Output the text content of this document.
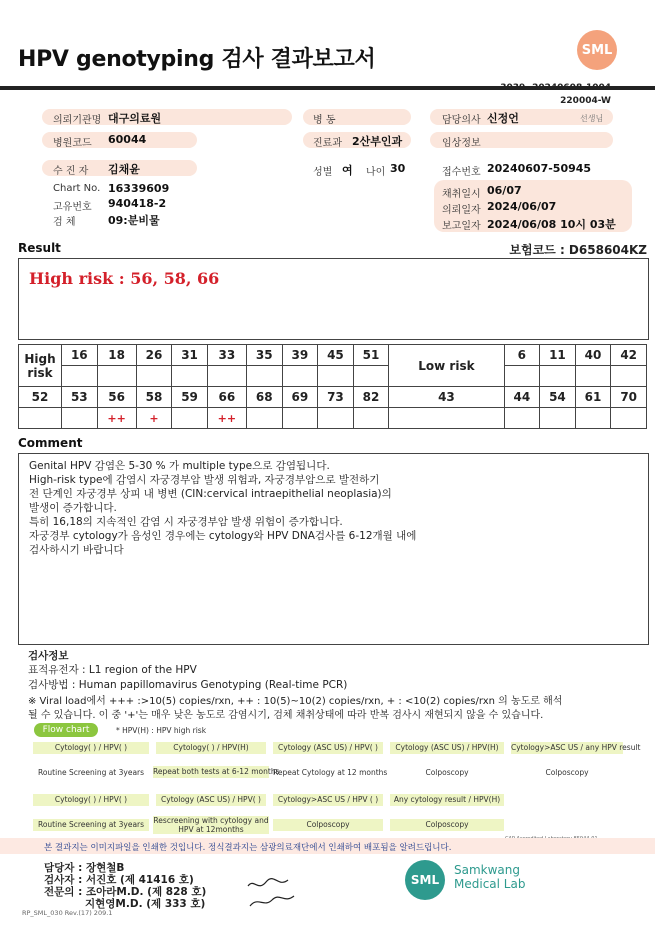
HPV genotyping 검사 결과보고서	SML
3039 -20240608-1004
220004-W
의뢰기관명 대구의료원	병 동	담당의사 신정언	선생님
병원코드 60044	진료과 2산부인과	임상정보
수 진 자 김채윤	성별 여 나이 30	접수번호 20240607-50945
Chart No. 16339609
고유번호 940418-2
검 체	09:분비물
채취일시 06/07
의뢰일자 2024/06/07
보고일자 2024/06/08 10시 03분
Result	보험코드 : D658604KZ
High risk : 56, 58, 66
High risk	16	18	26	31	33	35	39	45	51	Low risk	6	11	40	42

52	53	56	58	59	66	68	69	73	82	43	44	54	61	70
		++	+		++									
Comment
Genital HPV 감염은 5-30 % 가 multiple type으로 감염됩니다.
High-risk type에 감염시 자궁경부암 발생 위험과, 자궁경부암으로 발전하기
전 단계인 자궁경부 상피 내 병변 (CIN:cervical intraepithelial neoplasia)의
발생이 증가합니다.
특히 16,18의 지속적인 감염 시 자궁경부암 발생 위험이 증가합니다.
자궁경부 cytology가 음성인 경우에는 cytology와 HPV DNA검사를 6-12개월 내에
검사하시기 바랍니다
검사정보
표적유전자 : L1 region of the HPV
검사방법 : Human papillomavirus Genotyping (Real-time PCR)
※ Viral load에서 +++ :>10(5) copies/rxn, ++ : 10(5)~10(2) copies/rxn, + : <10(2) copies/rxn 의 농도로 해석
될 수 있습니다. 이 중 '+'는 매우 낮은 농도로 감염시기, 검체 채취상태에 따라 반복 검사시 재현되지 않을 수 있습니다.
Flow chart	* HPV(H) : HPV high risk
Cytology( ) / HPV( )	Cytology( ) / HPV(H)	Cytology (ASC US) / HPV( )	Cytology (ASC US) / HPV(H)	Cytology>ASC US / any HPV result
Routine Screening at 3years	Repeat both tests at 6-12 months
Repeat Cytology at 12 months	Colposcopy	Colposcopy
Cytology( ) / HPV( )	Cytology (ASC US) / HPV( )	Cytology>ASC US / HPV ( )	Any cytology result / HPV(H)
Routine Screening at 3years	Rescreening with cytology and HPV at 12months
Colposcopy	Colposcopy
본 결과지는 이미지파일을 인쇄한 것입니다. 정식결과지는 삼광의료재단에서 인쇄하여 배포됨을 알려드립니다.
담당자 : 장현철B
검사자 : 서진호 (제 41416 호)
전문의 : 조아라M.D. (제 828 호)
지현영M.D. (제 333 호)
SML
Samkwang
Medical Lab
RP_SML_030 Rev.(17) 209.1
